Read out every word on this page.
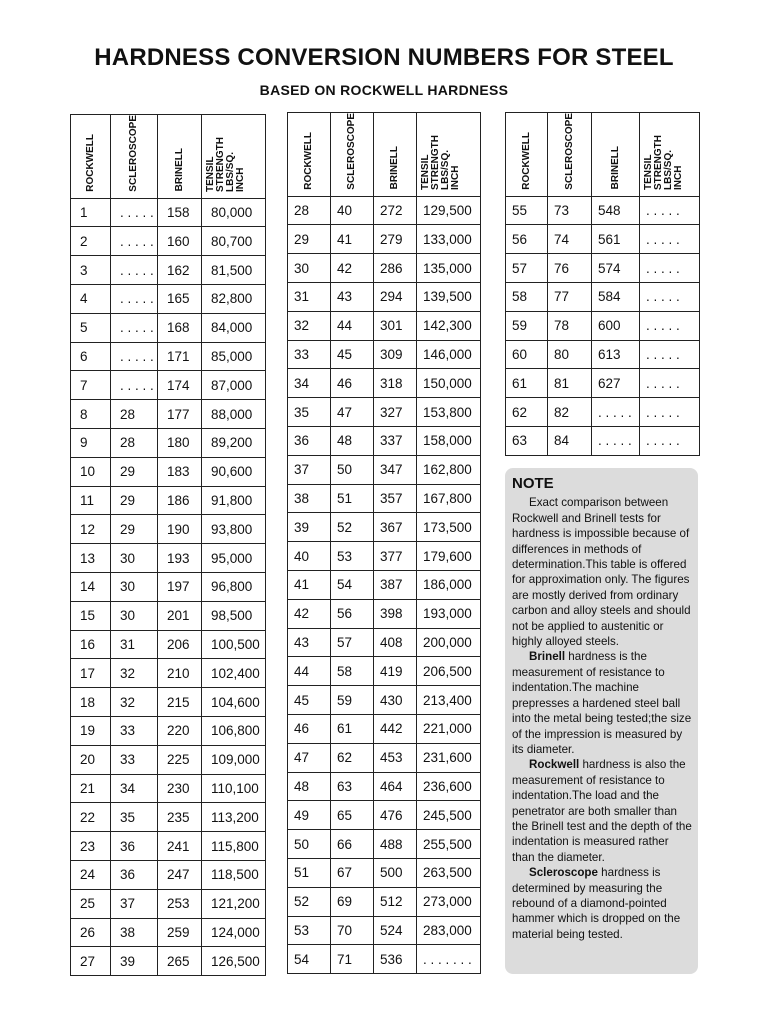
HARDNESS CONVERSION NUMBERS FOR STEEL
BASED ON ROCKWELL HARDNESS
ROCKWELL	SCLEROSCOPE	BRINELL	TENSIL
STRENGTH
LBS/SQ.
INCH

1	. . . . .	158	80,000
2	. . . . .	160	80,700
3	. . . . .	162	81,500
4	. . . . .	165	82,800
5	. . . . .	168	84,000
6	. . . . .	171	85,000
7	. . . . .	174	87,000
8	28	177	88,000
9	28	180	89,200
10	29	183	90,600
11	29	186	91,800
12	29	190	93,800
13	30	193	95,000
14	30	197	96,800
15	30	201	98,500
16	31	206	100,500
17	32	210	102,400
18	32	215	104,600
19	33	220	106,800
20	33	225	109,000
21	34	230	110,100
22	35	235	113,200
23	36	241	115,800
24	36	247	118,500
25	37	253	121,200
26	38	259	124,000
27	39	265	126,500
ROCKWELL	SCLEROSCOPE	BRINELL	TENSIL
STRENGTH
LBS/SQ.
INCH

28	40	272	129,500
29	41	279	133,000
30	42	286	135,000
31	43	294	139,500
32	44	301	142,300
33	45	309	146,000
34	46	318	150,000
35	47	327	153,800
36	48	337	158,000
37	50	347	162,800
38	51	357	167,800
39	52	367	173,500
40	53	377	179,600
41	54	387	186,000
42	56	398	193,000
43	57	408	200,000
44	58	419	206,500
45	59	430	213,400
46	61	442	221,000
47	62	453	231,600
48	63	464	236,600
49	65	476	245,500
50	66	488	255,500
51	67	500	263,500
52	69	512	273,000
53	70	524	283,000
54	71	536	. . . . . . .
ROCKWELL	SCLEROSCOPE	BRINELL	TENSIL
STRENGTH
LBS/SQ.
INCH

55	73	548	. . . . .
56	74	561	. . . . .
57	76	574	. . . . .
58	77	584	. . . . .
59	78	600	. . . . .
60	80	613	. . . . .
61	81	627	. . . . .
62	82	. . . . .	. . . . .
63	84	. . . . .	. . . . .
NOTE

Exact comparison between Rockwell and Brinell tests for hardness is impossible because of differences in methods of determination.This table is offered for approximation only. The figures are mostly derived from ordinary carbon and alloy steels and should not be applied to austenitic or highly alloyed steels.

Brinell hardness is the measurement of resistance to indentation.The machine prepresses a hardened steel ball into the metal being tested;the size of the impression is measured by its diameter.

Rockwell hardness is also the measurement of resistance to indentation.The load and the penetrator are both smaller than the Brinell test and the depth of the indentation is measured rather than the diameter.

Scleroscope hardness is determined by measuring the rebound of a diamond-pointed hammer which is dropped on the material being tested.
